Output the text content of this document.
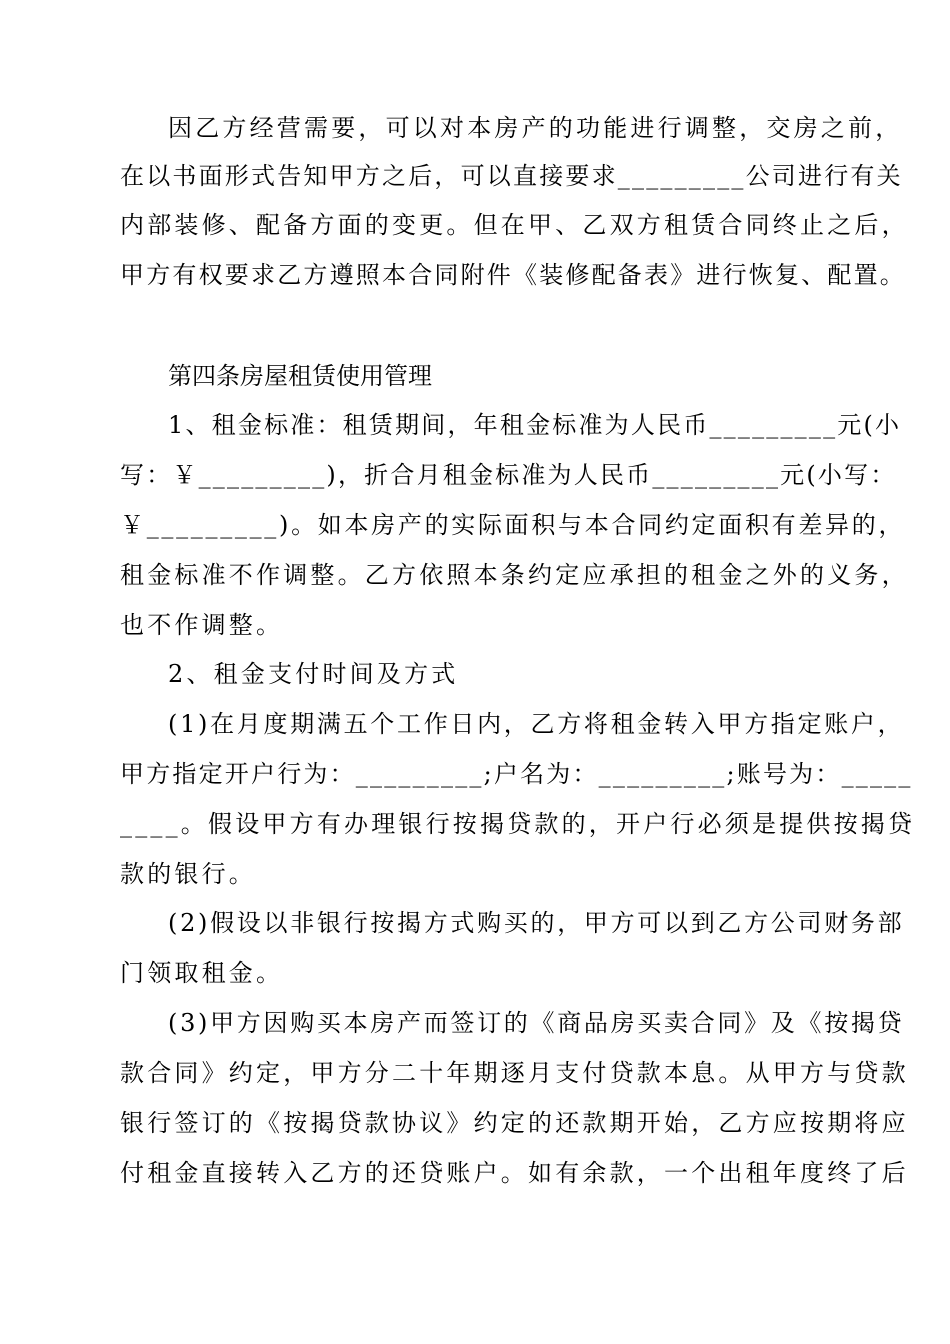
因乙方经营需要，可以对本房产的功能进行调整，交房之前，
在以书面形式告知甲方之后，可以直接要求_________公司进行有关
内部装修、配备方面的变更。但在甲、乙双方租赁合同终止之后，
甲方有权要求乙方遵照本合同附件《装修配备表》进行恢复、配置。
第四条房屋租赁使用管理
1、租金标准：租赁期间，年租金标准为人民币_________元(小
写：￥_________)，折合月租金标准为人民币_________元(小写：
￥_________)。如本房产的实际面积与本合同约定面积有差异的，
租金标准不作调整。乙方依照本条约定应承担的租金之外的义务，
也不作调整。
2、租金支付时间及方式
(1)在月度期满五个工作日内，乙方将租金转入甲方指定账户，
甲方指定开户行为：_________;户名为：_________;账号为：_____
____。假设甲方有办理银行按揭贷款的，开户行必须是提供按揭贷
款的银行。
(2)假设以非银行按揭方式购买的，甲方可以到乙方公司财务部
门领取租金。
(3)甲方因购买本房产而签订的《商品房买卖合同》及《按揭贷
款合同》约定，甲方分二十年期逐月支付贷款本息。从甲方与贷款
银行签订的《按揭贷款协议》约定的还款期开始，乙方应按期将应
付租金直接转入乙方的还贷账户。如有余款，一个出租年度终了后
